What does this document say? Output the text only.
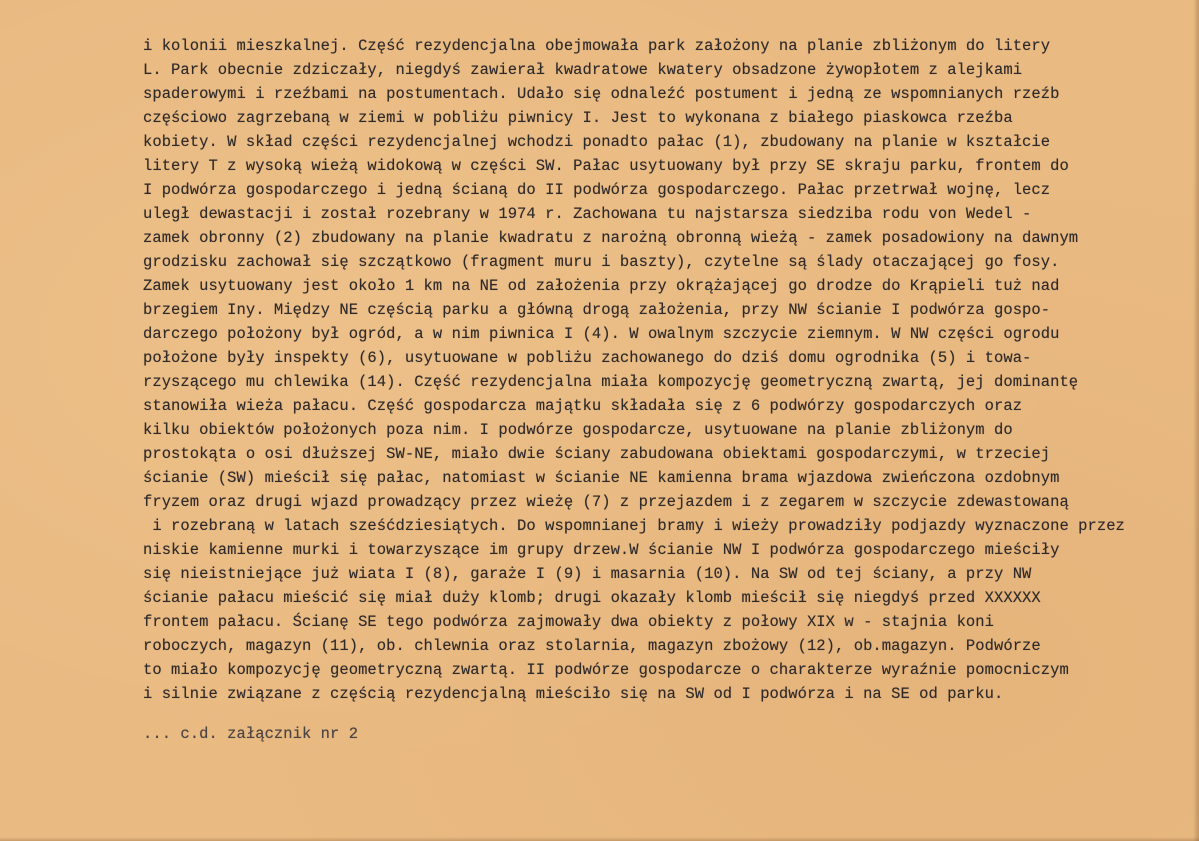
i kolonii mieszkalnej. Część rezydencjalna obejmowała park założony na planie zbliżonym do litery
L. Park obecnie zdziczały, niegdyś zawierał kwadratowe kwatery obsadzone żywopłotem z alejkami
spaderowymi i rzeźbami na postumentach. Udało się odnaleźć postument i jedną ze wspomnianych rzeźb
częściowo zagrzebaną w ziemi w pobliżu piwnicy I. Jest to wykonana z białego piaskowca rzeźba
kobiety. W skład części rezydencjalnej wchodzi ponadto pałac (1), zbudowany na planie w kształcie
litery T z wysoką wieżą widokową w części SW. Pałac usytuowany był przy SE skraju parku, frontem do
I podwórza gospodarczego i jedną ścianą do II podwórza gospodarczego. Pałac przetrwał wojnę, lecz
uległ dewastacji i został rozebrany w 1974 r. Zachowana tu najstarsza siedziba rodu von Wedel -
zamek obronny (2) zbudowany na planie kwadratu z narożną obronną wieżą - zamek posadowiony na dawnym
grodzisku zachował się szczątkowo (fragment muru i baszty), czytelne są ślady otaczającej go fosy.
Zamek usytuowany jest około 1 km na NE od założenia przy okrążającej go drodze do Krąpieli tuż nad
brzegiem Iny. Między NE częścią parku a główną drogą założenia, przy NW ścianie I podwórza gospo-
darczego położony był ogród, a w nim piwnica I (4). W owalnym szczycie ziemnym. W NW części ogrodu
położone były inspekty (6), usytuowane w pobliżu zachowanego do dziś domu ogrodnika (5) i towa-
rzyszącego mu chlewika (14). Część rezydencjalna miała kompozycję geometryczną zwartą, jej dominantę
stanowiła wieża pałacu. Część gospodarcza majątku składała się z 6 podwórzy gospodarczych oraz
kilku obiektów położonych poza nim. I podwórze gospodarcze, usytuowane na planie zbliżonym do
prostokąta o osi dłuższej SW-NE, miało dwie ściany zabudowana obiektami gospodarczymi, w trzeciej
ścianie (SW) mieścił się pałac, natomiast w ścianie NE kamienna brama wjazdowa zwieńczona ozdobnym
fryzem oraz drugi wjazd prowadzący przez wieżę (7) z przejazdem i z zegarem w szczycie zdewastowaną
i rozebraną w latach sześćdziesiątych. Do wspomnianej bramy i wieży prowadziły podjazdy wyznaczone przez
niskie kamienne murki i towarzyszące im grupy drzew.W ścianie NW I podwórza gospodarczego mieściły
się nieistniejące już wiata I (8), garaże I (9) i masarnia (10). Na SW od tej ściany, a przy NW
ścianie pałacu mieścić się miał duży klomb; drugi okazały klomb mieścił się niegdyś przed XXXXXX
frontem pałacu. Ścianę SE tego podwórza zajmowały dwa obiekty z połowy XIX w - stajnia koni
roboczych, magazyn (11), ob. chlewnia oraz stolarnia, magazyn zbożowy (12), ob.magazyn. Podwórze
to miało kompozycję geometryczną zwartą. II podwórze gospodarcze o charakterze wyraźnie pomocniczym
i silnie związane z częścią rezydencjalną mieściło się na SW od I podwórza i na SE od parku.
... c.d. załącznik nr 2
